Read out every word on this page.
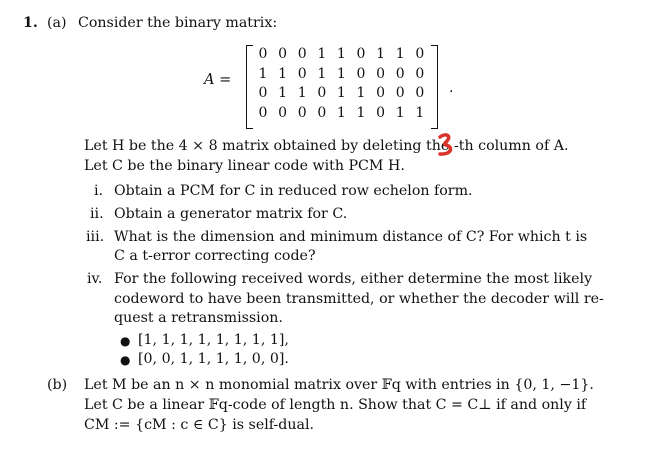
1. (a) Consider the binary matrix:
A =
0 0 0 1 1 0 1 1 0
1 1 0 1 1 0 0 0 0
0 1 1 0 1 1 0 0 0
0 0 0 0 1 1 0 1 1
.
Let H be the 4 × 8 matrix obtained by deleting the -th column of A.
Let C be the binary linear code with PCM H.
i. Obtain a PCM for C in reduced row echelon form.
ii. Obtain a generator matrix for C.
iii. What is the dimension and minimum distance of C? For which t is
C a t-error correcting code?
iv. For the following received words, either determine the most likely
codeword to have been transmitted, or whether the decoder will re-
quest a retransmission.
● [1, 1, 1, 1, 1, 1, 1, 1],
● [0, 0, 1, 1, 1, 1, 0, 0].
(b) Let M be an n × n monomial matrix over 𝔽q with entries in {0, 1, −1}.
Let C be a linear 𝔽q-code of length n. Show that C = C⊥ if and only if
CM := {cM : c ∈ C} is self-dual.
